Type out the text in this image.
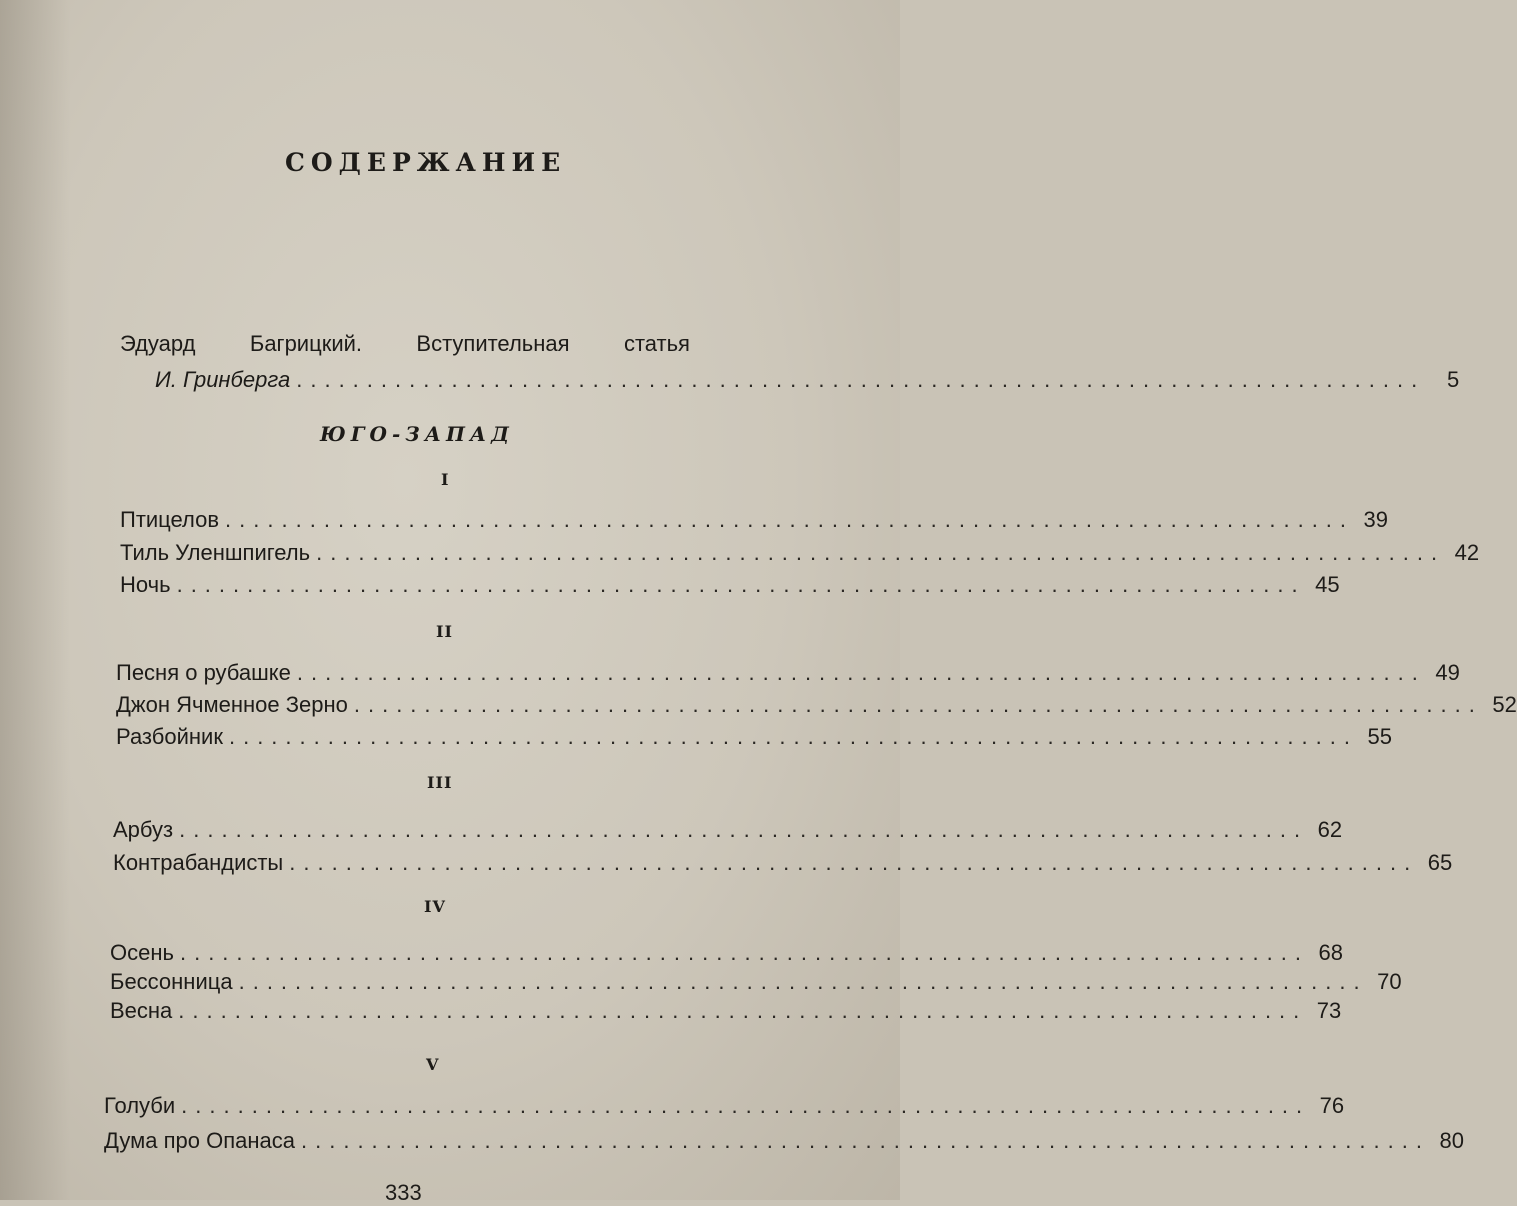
СОДЕРЖАНИЕ
Эдуард Багрицкий. Вступительная статья
И. Гринберга ................................................................................ 5
ЮГО-ЗАПАД
I
Птицелов ................................................................................ 39
Тиль Уленшпигель ................................................................................ 42
Ночь ................................................................................ 45
II
Песня о рубашке ................................................................................ 49
Джон Ячменное Зерно ................................................................................ 52
Разбойник ................................................................................ 55
III
Арбуз ................................................................................ 62
Контрабандисты ................................................................................ 65
IV
Осень ................................................................................ 68
Бессонница ................................................................................ 70
Весна ................................................................................ 73
V
Голуби ................................................................................ 76
Дума про Опанаса ................................................................................ 80
333
